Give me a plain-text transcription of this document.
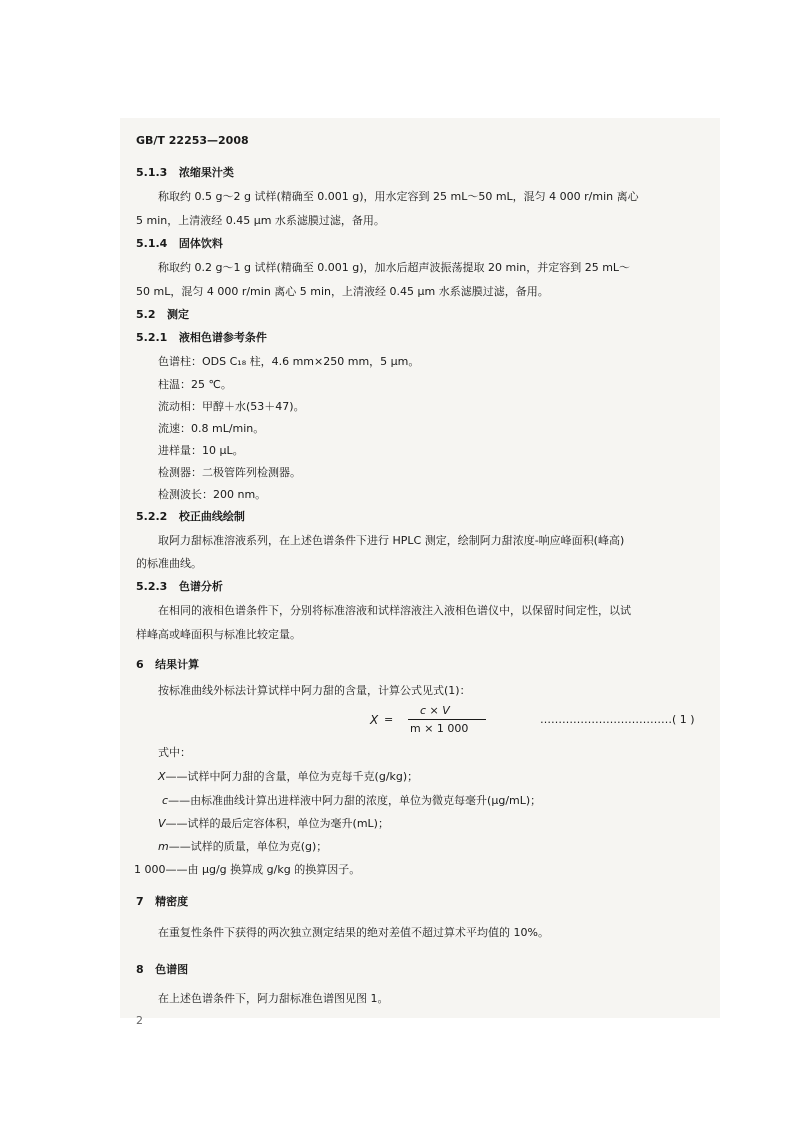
GB/T 22253—2008
5.1.3 浓缩果汁类
称取约 0.5 g～2 g 试样(精确至 0.001 g)，用水定容到 25 mL～50 mL，混匀 4 000 r/min 离心
5 min，上清液经 0.45 μm 水系滤膜过滤，备用。
5.1.4 固体饮料
称取约 0.2 g～1 g 试样(精确至 0.001 g)，加水后超声波振荡提取 20 min，并定容到 25 mL～
50 mL，混匀 4 000 r/min 离心 5 min，上清液经 0.45 μm 水系滤膜过滤，备用。
5.2 测定
5.2.1 液相色谱参考条件
色谱柱：ODS C₁₈ 柱，4.6 mm×250 mm，5 μm。
柱温：25 ℃。
流动相：甲醇＋水(53＋47)。
流速：0.8 mL/min。
进样量：10 μL。
检测器：二极管阵列检测器。
检测波长：200 nm。
5.2.2 校正曲线绘制
取阿力甜标准溶液系列，在上述色谱条件下进行 HPLC 测定，绘制阿力甜浓度-响应峰面积(峰高)
的标准曲线。
5.2.3 色谱分析
在相同的液相色谱条件下，分别将标准溶液和试样溶液注入液相色谱仪中，以保留时间定性，以试
样峰高或峰面积与标准比较定量。
6 结果计算
按标准曲线外标法计算试样中阿力甜的含量，计算公式见式(1)：
X =
c × V
m × 1 000
……………………………… ( 1 )
式中：
X——试样中阿力甜的含量，单位为克每千克(g/kg)；
c——由标准曲线计算出进样液中阿力甜的浓度，单位为微克每毫升(μg/mL)；
V——试样的最后定容体积，单位为毫升(mL)；
m——试样的质量，单位为克(g)；
1 000——由 μg/g 换算成 g/kg 的换算因子。
7 精密度
在重复性条件下获得的两次独立测定结果的绝对差值不超过算术平均值的 10%。
8 色谱图
在上述色谱条件下，阿力甜标准色谱图见图 1。
2
